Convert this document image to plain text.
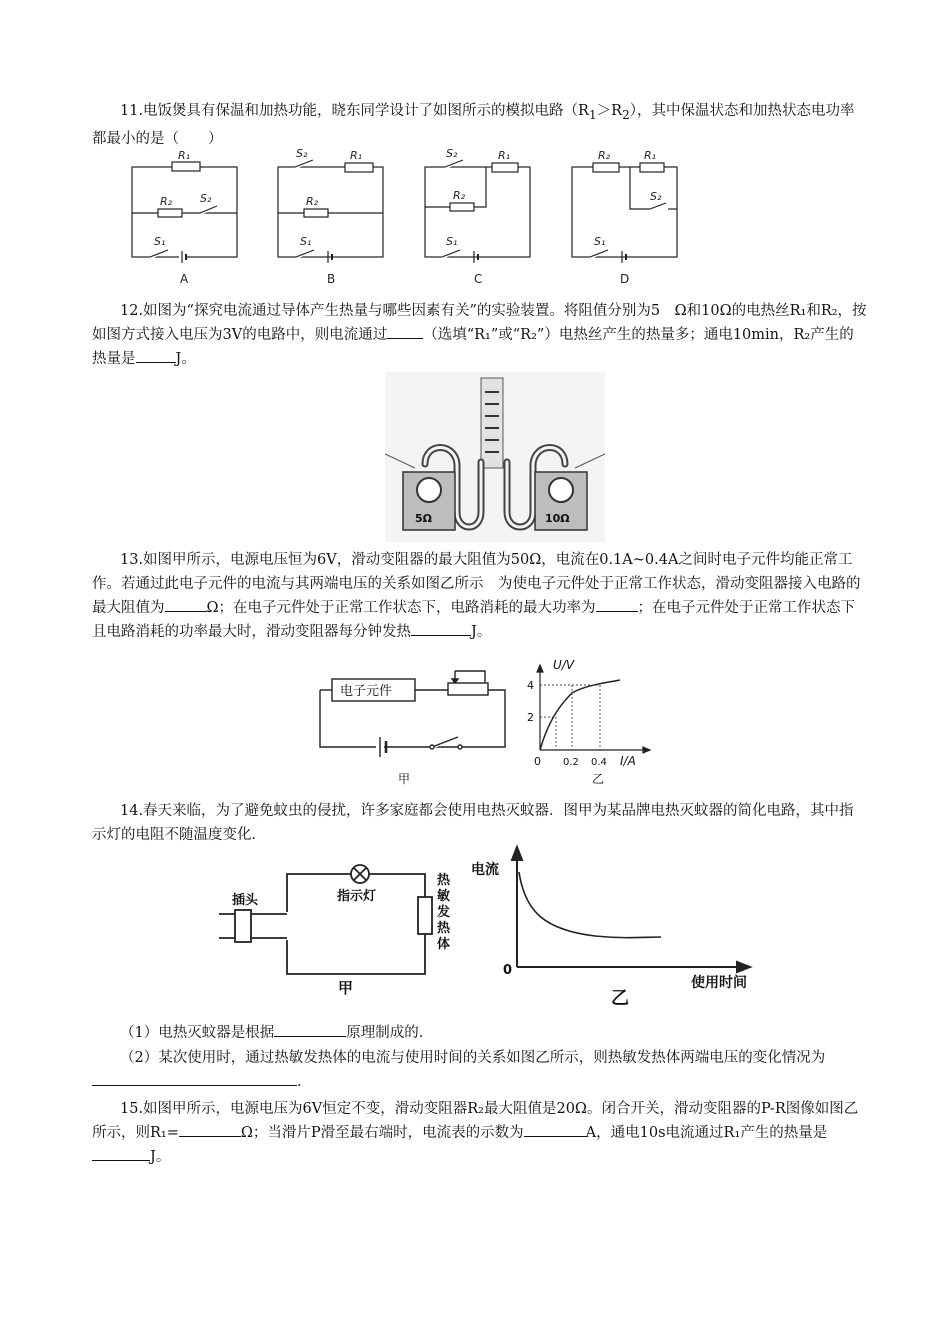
11.电饭煲具有保温和加热功能，晓东同学设计了如图所示的模拟电路$(R_1>R_2)$，其中保温状态和加热状态电功率都最小的是（　　）

R₁
R₂	S₂
S₁
S₂	R₁
R₂
S₁
S₂	R₁
R₂
S₁
R₂	R₁
S₂
S₁
A	B	C	D

12.如图为“探究电流通过导体产生热量与哪些因素有关”的实验装置。将阻值分别为5　Ω和10Ω的电热丝R₁和R₂，按如图方式接入电压为3V的电路中，则电流通过 （选填“R₁”或“R₂”）电热丝产生的热量多；通电10min，R₂产生的热量是	J。

5Ω	10Ω

13.如图甲所示，电源电压恒为6V，滑动变阻器的最大阻值为50Ω，电流在0.1A~0.4A之间时电子元件均能正常工作。若通过此电子元件的电流与其两端电压的关系如图乙所示　为使电子元件处于正常工作状态，滑动变阻器接入电路的　最大阻值为	Ω；在电子元件处于正常工作状态下，电路消耗的最大功率为	；在电子元件处于正常工作状态下且电路消耗的功率最大时，滑动变阻器每分钟发热	J。

电子元件
甲
U/V
4
2
0 0.2 0.4 I/A
乙

14.春天来临，为了避免蚊虫的侵扰，许多家庭都会使用电热灭蚊器．图甲为某品牌电热灭蚊器的简化电路，其中指示灯的电阻不随温度变化．

插头	指示灯
热
敏
发
热
体
甲
电流
0
使用时间
乙

（1）电热灭蚊器是根据	原理制成的．

（2）某次使用时，通过热敏发热体的电流与使用时间的关系如图乙所示，则热敏发热体两端电压的变化情况为．

15.如图甲所示，电源电压为6V恒定不变，滑动变阻器R₂最大阻值是20Ω。闭合开关，滑动变阻器的P-R图像如图乙所示，则R₁=	Ω；当滑片P滑至最右端时，电流表的示数为	A，通电10s电流通过R₁产生的热量是J。
